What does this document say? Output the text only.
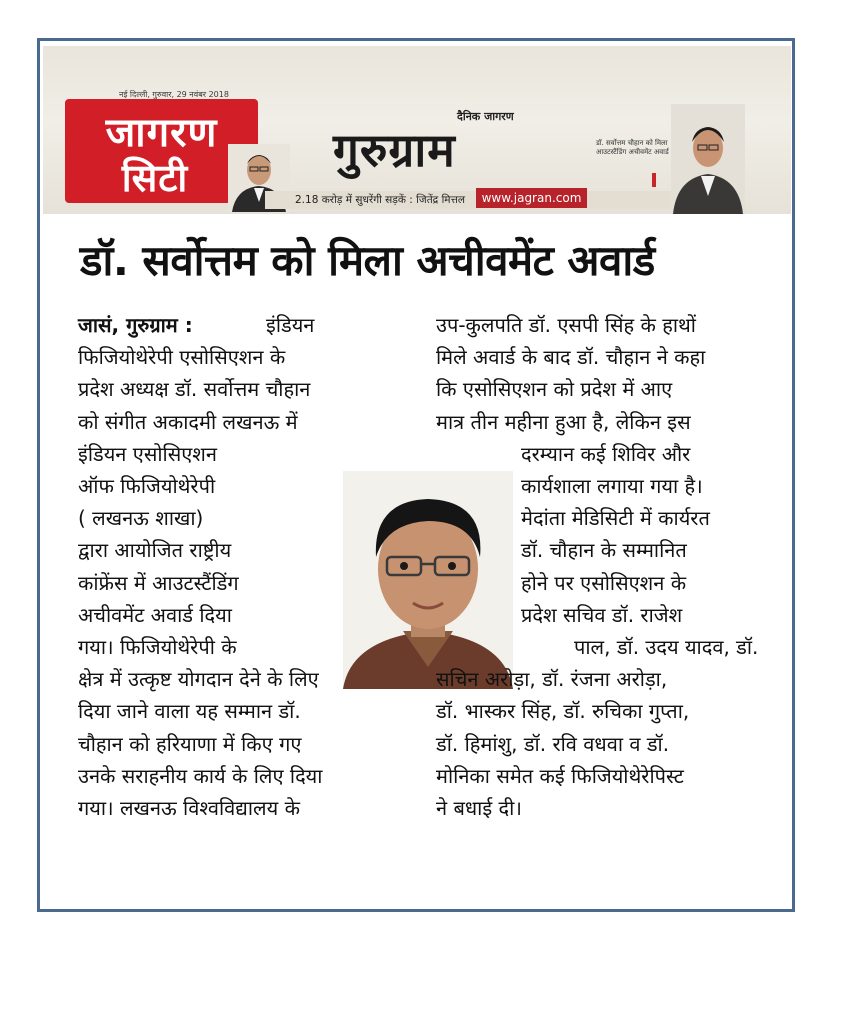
नई दिल्ली, गुरुवार, 29 नवंबर 2018
जागरण
सिटी
दैनिक जागरण
गुरुग्राम
2.18 करोड़ में सुधरेंगी सड़कें : जितेंद्र मित्तल	www.jagran.com
डॉ. सर्वोत्तम चौहान को मिला आउटस्टैंडिंग अचीवमेंट अवार्ड
डॉ. सर्वोत्तम को मिला अचीवमेंट अवार्ड
जासं, गुरुग्राम :	इंडियन
फिजियोथेरेपी एसोसिएशन के
प्रदेश अध्यक्ष डॉ. सर्वोत्तम चौहान
को संगीत अकादमी लखनऊ में
इंडियन एसोसिएशन
ऑफ फिजियोथेरेपी
( लखनऊ शाखा)
द्वारा आयोजित राष्ट्रीय
कांफ्रेंस में आउटस्टैंडिंग
अचीवमेंट अवार्ड दिया
गया। फिजियोथेरेपी के
क्षेत्र में उत्कृष्ट योगदान देने के लिए
दिया जाने वाला यह सम्मान डॉ.
चौहान को हरियाणा में किए गए
उनके सराहनीय कार्य के लिए दिया
गया। लखनऊ विश्वविद्यालय के
उप-कुलपति डॉ. एसपी सिंह के हाथों
मिले अवार्ड के बाद डॉ. चौहान ने कहा
कि एसोसिएशन को प्रदेश में आए
मात्र तीन महीना हुआ है, लेकिन इस
दरम्यान कई शिविर और
कार्यशाला लगाया गया है।
मेदांता मेडिसिटी में कार्यरत
डॉ. चौहान के सम्मानित
होने पर एसोसिएशन के
प्रदेश सचिव डॉ. राजेश
पाल, डॉ. उदय यादव, डॉ.
सचिन अरोड़ा, डॉ. रंजना अरोड़ा,
डॉ. भास्कर सिंह, डॉ. रुचिका गुप्ता,
डॉ. हिमांशु, डॉ. रवि वधवा व डॉ.
मोनिका समेत कई फिजियोथेरेपिस्ट
ने बधाई दी।
